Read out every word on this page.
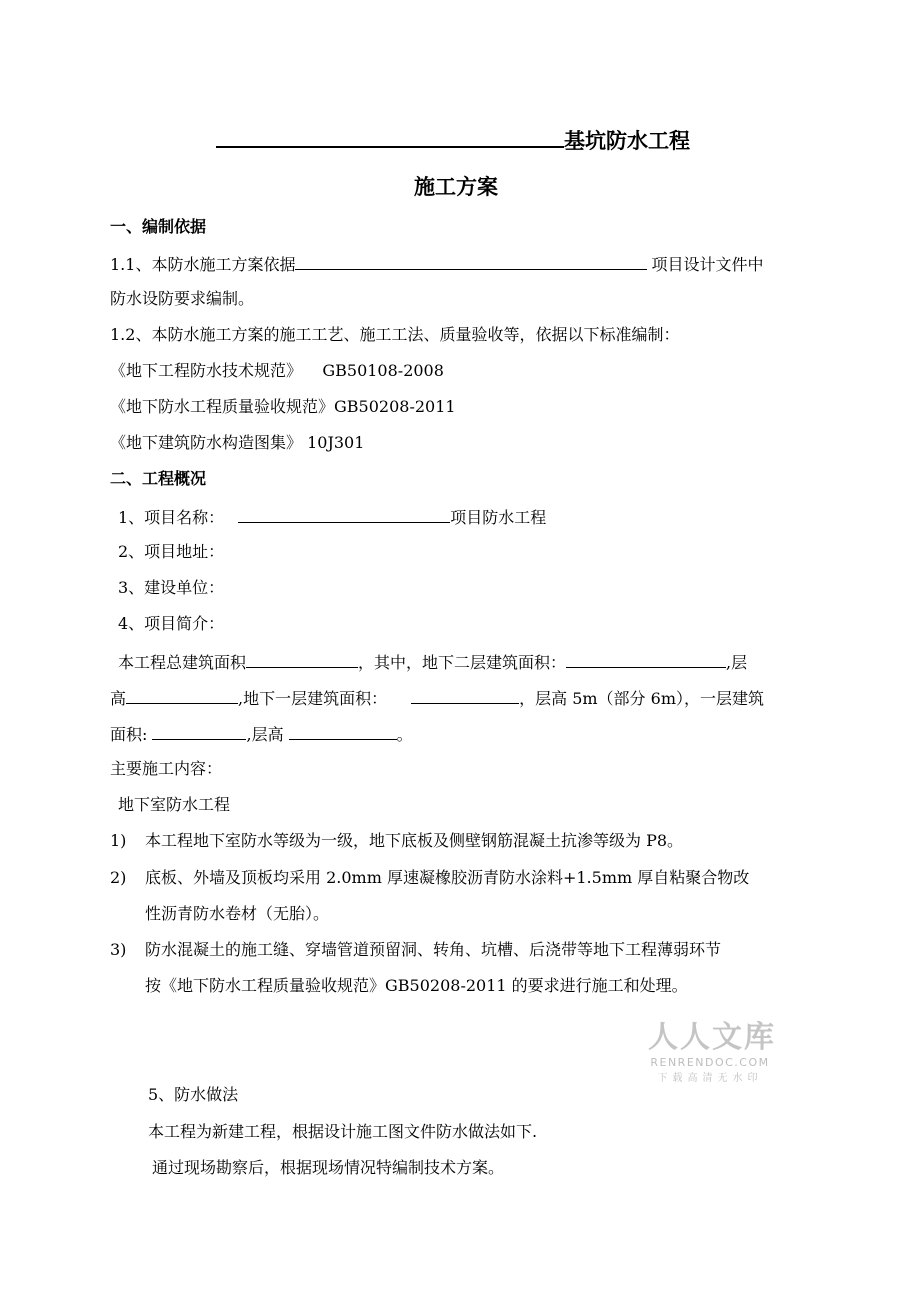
基坑防水工程
施工方案
一、编制依据
1.1、本防水施工方案依据	项目设计文件中
防水设防要求编制。
1.2、本防水施工方案的施工工艺、施工工法、质量验收等，依据以下标准编制：
《地下工程防水技术规范》    GB50108-2008
《地下防水工程质量验收规范》GB50208-2011
《地下建筑防水构造图集》 10J301
二、工程概况
1、项目名称：	项目防水工程
2、项目地址：
3、建设单位：
4、项目简介：
本工程总建筑面积	，其中，地下二层建筑面积：	,层
高	,地下一层建筑面积：	，层高 5m（部分 6m），一层建筑
面积:	,层高	。
主要施工内容：
地下室防水工程
1) 本工程地下室防水等级为一级，地下底板及侧壁钢筋混凝土抗渗等级为 P8。
2) 底板、外墙及顶板均采用 2.0mm 厚速凝橡胶沥青防水涂料+1.5mm 厚自粘聚合物改
性沥青防水卷材（无胎）。
3) 防水混凝土的施工缝、穿墙管道预留洞、转角、坑槽、后浇带等地下工程薄弱环节
按《地下防水工程质量验收规范》GB50208-2011 的要求进行施工和处理。
人人文库
RENRENDOC.COM
下载高清无水印
5、防水做法
本工程为新建工程，根据设计施工图文件防水做法如下.
通过现场勘察后，根据现场情况特编制技术方案。
